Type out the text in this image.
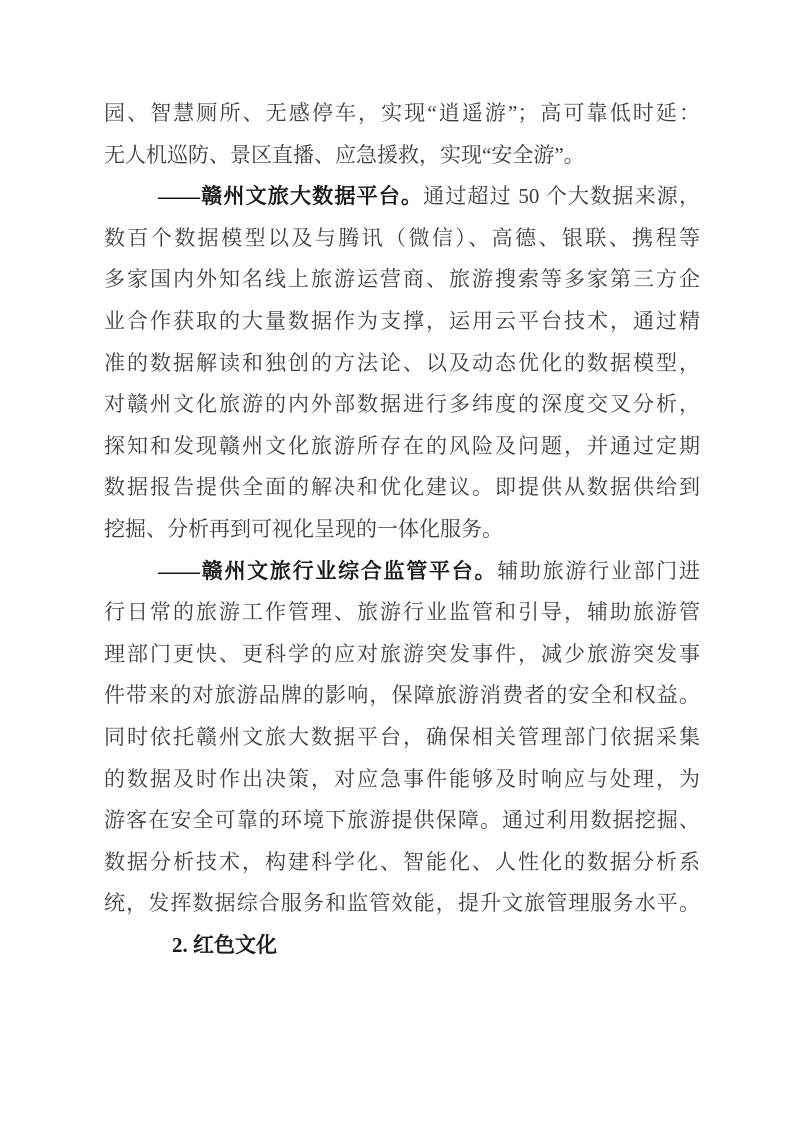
园、智慧厕所、无感停车，实现“逍遥游”；高可靠低时延：
无人机巡防、景区直播、应急援救，实现“安全游”。
——赣州文旅大数据平台。通过超过 50 个大数据来源，
数百个数据模型以及与腾讯（微信）、高德、银联、携程等
多家国内外知名线上旅游运营商、旅游搜索等多家第三方企
业合作获取的大量数据作为支撑，运用云平台技术，通过精
准的数据解读和独创的方法论、以及动态优化的数据模型，
对赣州文化旅游的内外部数据进行多纬度的深度交叉分析，
探知和发现赣州文化旅游所存在的风险及问题，并通过定期
数据报告提供全面的解决和优化建议。即提供从数据供给到
挖掘、分析再到可视化呈现的一体化服务。
——赣州文旅行业综合监管平台。辅助旅游行业部门进
行日常的旅游工作管理、旅游行业监管和引导，辅助旅游管
理部门更快、更科学的应对旅游突发事件，减少旅游突发事
件带来的对旅游品牌的影响，保障旅游消费者的安全和权益。
同时依托赣州文旅大数据平台，确保相关管理部门依据采集
的数据及时作出决策，对应急事件能够及时响应与处理，为
游客在安全可靠的环境下旅游提供保障。通过利用数据挖掘、
数据分析技术，构建科学化、智能化、人性化的数据分析系
统，发挥数据综合服务和监管效能，提升文旅管理服务水平。
2. 红色文化
